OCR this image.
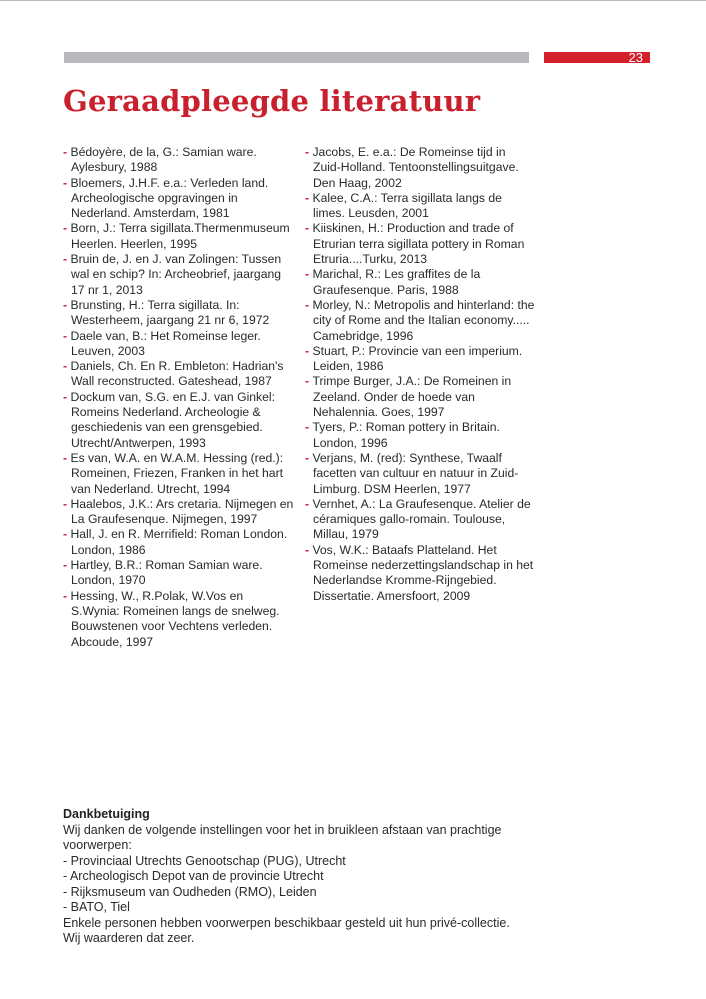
23
Geraadpleegde literatuur
- Bédoyère, de la, G.: Samian ware. Aylesbury, 1988
- Bloemers, J.H.F. e.a.: Verleden land. Archeologische opgravingen in Nederland. Amsterdam, 1981
- Born, J.: Terra sigillata.Thermenmuseum Heerlen. Heerlen, 1995
- Bruin de, J. en J. van Zolingen: Tussen wal en schip? In: Archeobrief, jaargang 17 nr 1, 2013
- Brunsting, H.: Terra sigillata. In: Westerheem, jaargang 21 nr 6, 1972
- Daele van, B.: Het Romeinse leger. Leuven, 2003
- Daniels, Ch. En R. Embleton: Hadrian's Wall reconstructed. Gateshead, 1987
- Dockum van, S.G. en E.J. van Ginkel: Romeins Nederland. Archeologie & geschiedenis van een grensgebied. Utrecht/Antwerpen, 1993
- Es van, W.A. en W.A.M. Hessing (red.): Romeinen, Friezen, Franken in het hart van Nederland. Utrecht, 1994
- Haalebos, J.K.: Ars cretaria. Nijmegen en La Graufesenque. Nijmegen, 1997
- Hall, J. en R. Merrifield: Roman London. London, 1986
- Hartley, B.R.: Roman Samian ware. London, 1970
- Hessing, W., R.Polak, W.Vos en S.Wynia: Romeinen langs de snelweg. Bouwstenen voor Vechtens verleden. Abcoude, 1997
- Jacobs, E. e.a.: De Romeinse tijd in Zuid-Holland. Tentoonstellingsuitgave. Den Haag, 2002
- Kalee, C.A.: Terra sigillata langs de limes. Leusden, 2001
- Kiiskinen, H.: Production and trade of Etrurian terra sigillata pottery in Roman Etruria....Turku, 2013
- Marichal, R.: Les graffites de la Graufesenque. Paris, 1988
- Morley, N.: Metropolis and hinterland: the city of Rome and the Italian economy..... Camebridge, 1996
- Stuart, P.: Provincie van een imperium. Leiden, 1986
- Trimpe Burger, J.A.: De Romeinen in Zeeland. Onder de hoede van Nehalennia. Goes, 1997
- Tyers, P.: Roman pottery in Britain. London, 1996
- Verjans, M. (red): Synthese, Twaalf facetten van cultuur en natuur in Zuid-Limburg. DSM Heerlen, 1977
- Vernhet, A.: La Graufesenque. Atelier de céramiques gallo-romain. Toulouse, Millau, 1979
- Vos, W.K.: Bataafs Platteland. Het Romeinse nederzettingslandschap in het Nederlandse Kromme-Rijngebied. Dissertatie. Amersfoort, 2009
Dankbetuiging

Wij danken de volgende instellingen voor het in bruikleen afstaan van prachtige

voorwerpen:

- Provinciaal Utrechts Genootschap (PUG), Utrecht

- Archeologisch Depot van de provincie Utrecht

- Rijksmuseum van Oudheden (RMO), Leiden

- BATO, Tiel

Enkele personen hebben voorwerpen beschikbaar gesteld uit hun privé-collectie.

Wij waarderen dat zeer.
